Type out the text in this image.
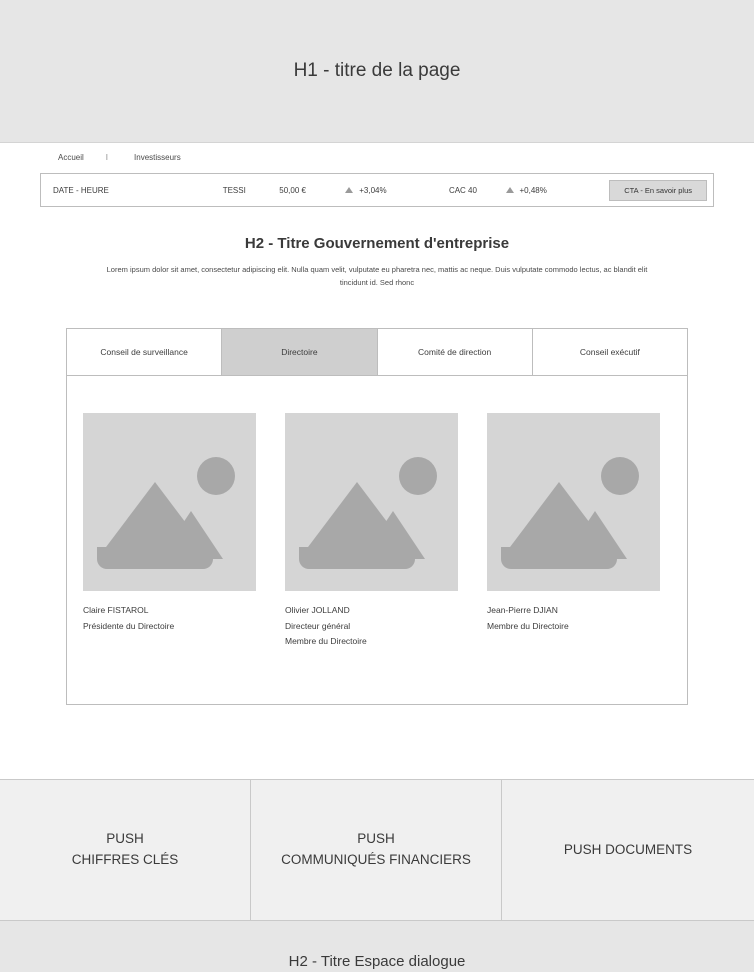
H1 - titre de la page
Accueil	I	Investisseurs
DATE - HEURE	TESSI	50,00 €	+3,04%	CAC 40	+0,48%	CTA - En savoir plus
H2 - Titre Gouvernement d'entreprise

Lorem ipsum dolor sit amet, consectetur adipiscing elit. Nulla quam velit, vulputate eu pharetra nec, mattis ac neque. Duis vulputate commodo lectus, ac blandit elit tincidunt id. Sed rhonc

Conseil de surveillance	Directoire	Comité de direction	Conseil exécutif
Claire FISTAROL
Présidente du Directoire
Olivier JOLLAND
Directeur général
Membre du Directoire
Jean-Pierre DJIAN
Membre du Directoire
PUSH
CHIFFRES CLÉS
PUSH
COMMUNIQUÉS FINANCIERS
PUSH DOCUMENTS
H2 - Titre Espace dialogue
